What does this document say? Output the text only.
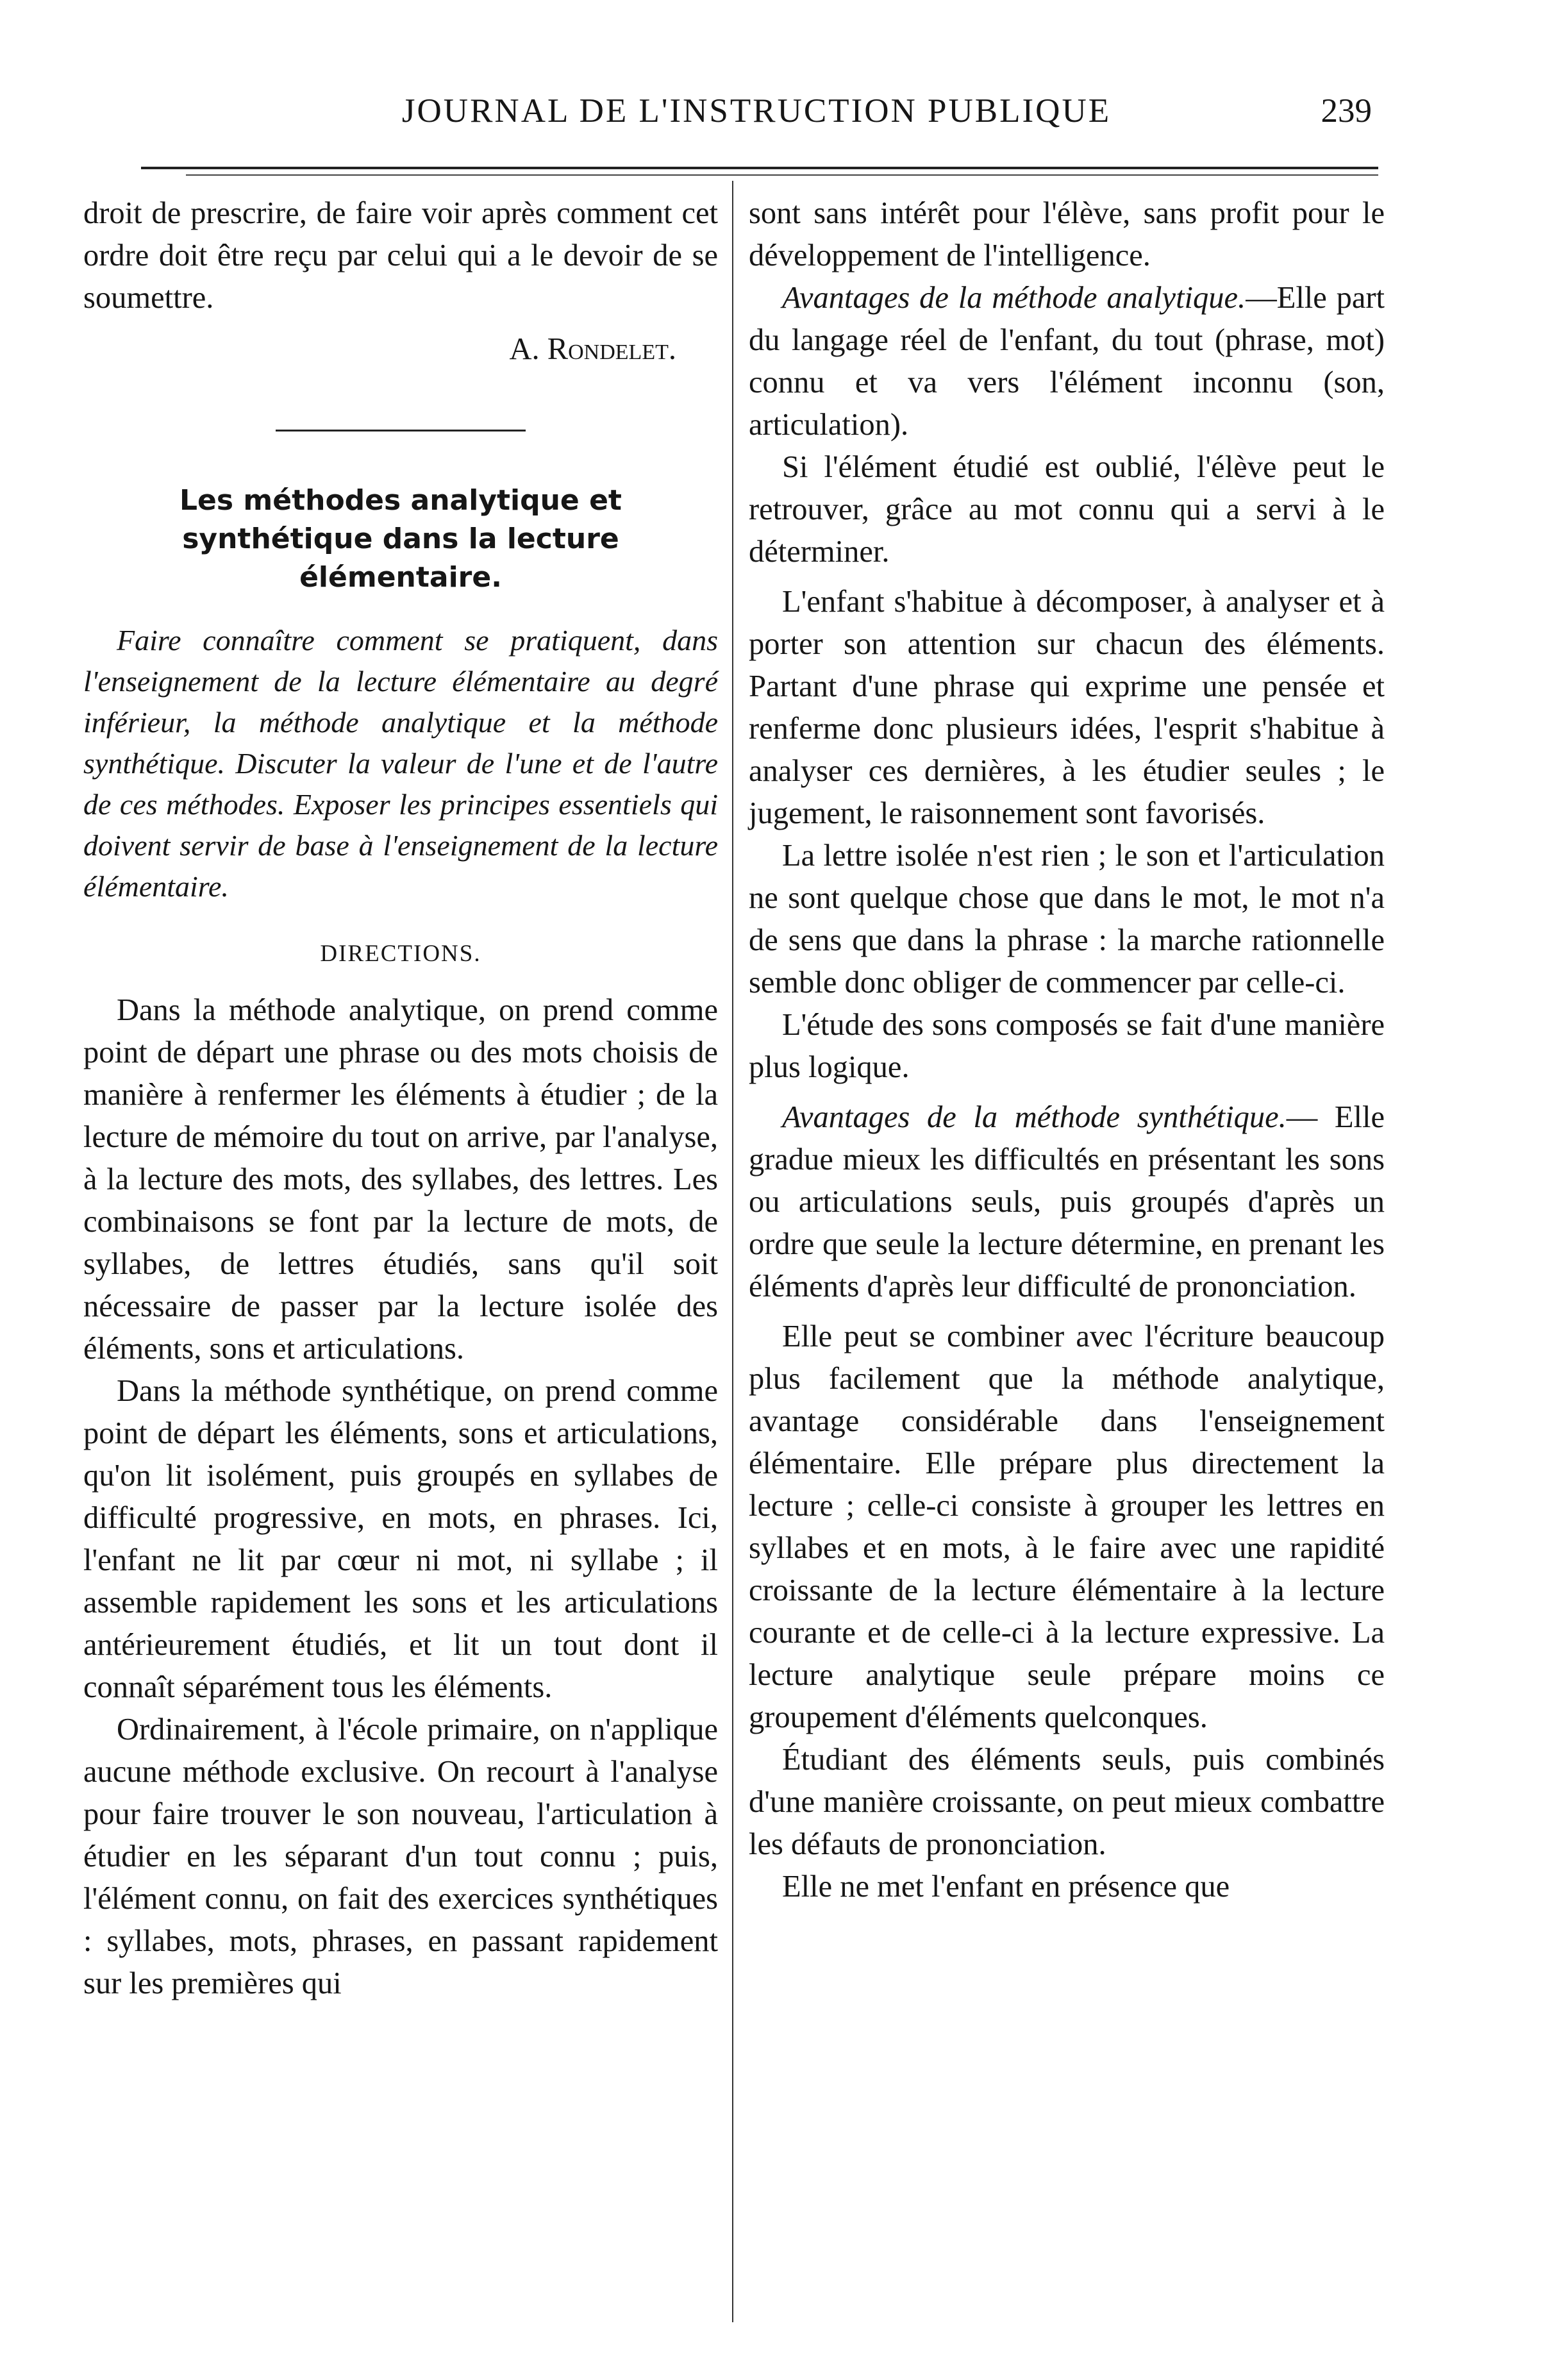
JOURNAL DE L'INSTRUCTION PUBLIQUE	239

droit de prescrire, de faire voir après comment cet ordre doit être reçu par celui qui a le devoir de se soumettre.

A. Rondelet.

Les méthodes analytique et synthétique dans la lecture élémentaire.

Faire connaître comment se pratiquent, dans l'enseignement de la lecture élémentaire au degré inférieur, la méthode analytique et la méthode synthétique. Discuter la valeur de l'une et de l'autre de ces méthodes. Exposer les principes essentiels qui doivent servir de base à l'enseignement de la lecture élémentaire.

DIRECTIONS.

Dans la méthode analytique, on prend comme point de départ une phrase ou des mots choisis de manière à renfermer les éléments à étudier ; de la lecture de mémoire du tout on arrive, par l'analyse, à la lecture des mots, des syllabes, des lettres. Les combinaisons se font par la lecture de mots, de syllabes, de lettres étudiés, sans qu'il soit nécessaire de passer par la lecture isolée des éléments, sons et articulations.

Dans la méthode synthétique, on prend comme point de départ les éléments, sons et articulations, qu'on lit isolément, puis groupés en syllabes de difficulté progressive, en mots, en phrases. Ici, l'enfant ne lit par cœur ni mot, ni syllabe ; il assemble rapidement les sons et les articulations antérieurement étudiés, et lit un tout dont il connaît séparément tous les éléments.

Ordinairement, à l'école primaire, on n'applique aucune méthode exclusive. On recourt à l'analyse pour faire trouver le son nouveau, l'articulation à étudier en les séparant d'un tout connu ; puis, l'élément connu, on fait des exercices synthétiques : syllabes, mots, phrases, en passant rapidement sur les premières qui

sont sans intérêt pour l'élève, sans profit pour le développement de l'intelligence.

Avantages de la méthode analytique.—Elle part du langage réel de l'enfant, du tout (phrase, mot) connu et va vers l'élément inconnu (son, articulation).

Si l'élément étudié est oublié, l'élève peut le retrouver, grâce au mot connu qui a servi à le déterminer.

L'enfant s'habitue à décomposer, à analyser et à porter son attention sur chacun des éléments. Partant d'une phrase qui exprime une pensée et renferme donc plusieurs idées, l'esprit s'habitue à analyser ces dernières, à les étudier seules ; le jugement, le raisonnement sont favorisés.

La lettre isolée n'est rien ; le son et l'articulation ne sont quelque chose que dans le mot, le mot n'a de sens que dans la phrase : la marche rationnelle semble donc obliger de commencer par celle-ci.

L'étude des sons composés se fait d'une manière plus logique.

Avantages de la méthode synthétique.— Elle gradue mieux les difficultés en présentant les sons ou articulations seuls, puis groupés d'après un ordre que seule la lecture détermine, en prenant les éléments d'après leur difficulté de prononciation.

Elle peut se combiner avec l'écriture beaucoup plus facilement que la méthode analytique, avantage considérable dans l'enseignement élémentaire. Elle prépare plus directement la lecture ; celle-ci consiste à grouper les lettres en syllabes et en mots, à le faire avec une rapidité croissante de la lecture élémentaire à la lecture courante et de celle-ci à la lecture expressive. La lecture analytique seule prépare moins ce groupement d'éléments quelconques.

Étudiant des éléments seuls, puis combinés d'une manière croissante, on peut mieux combattre les défauts de prononciation.

Elle ne met l'enfant en présence que
